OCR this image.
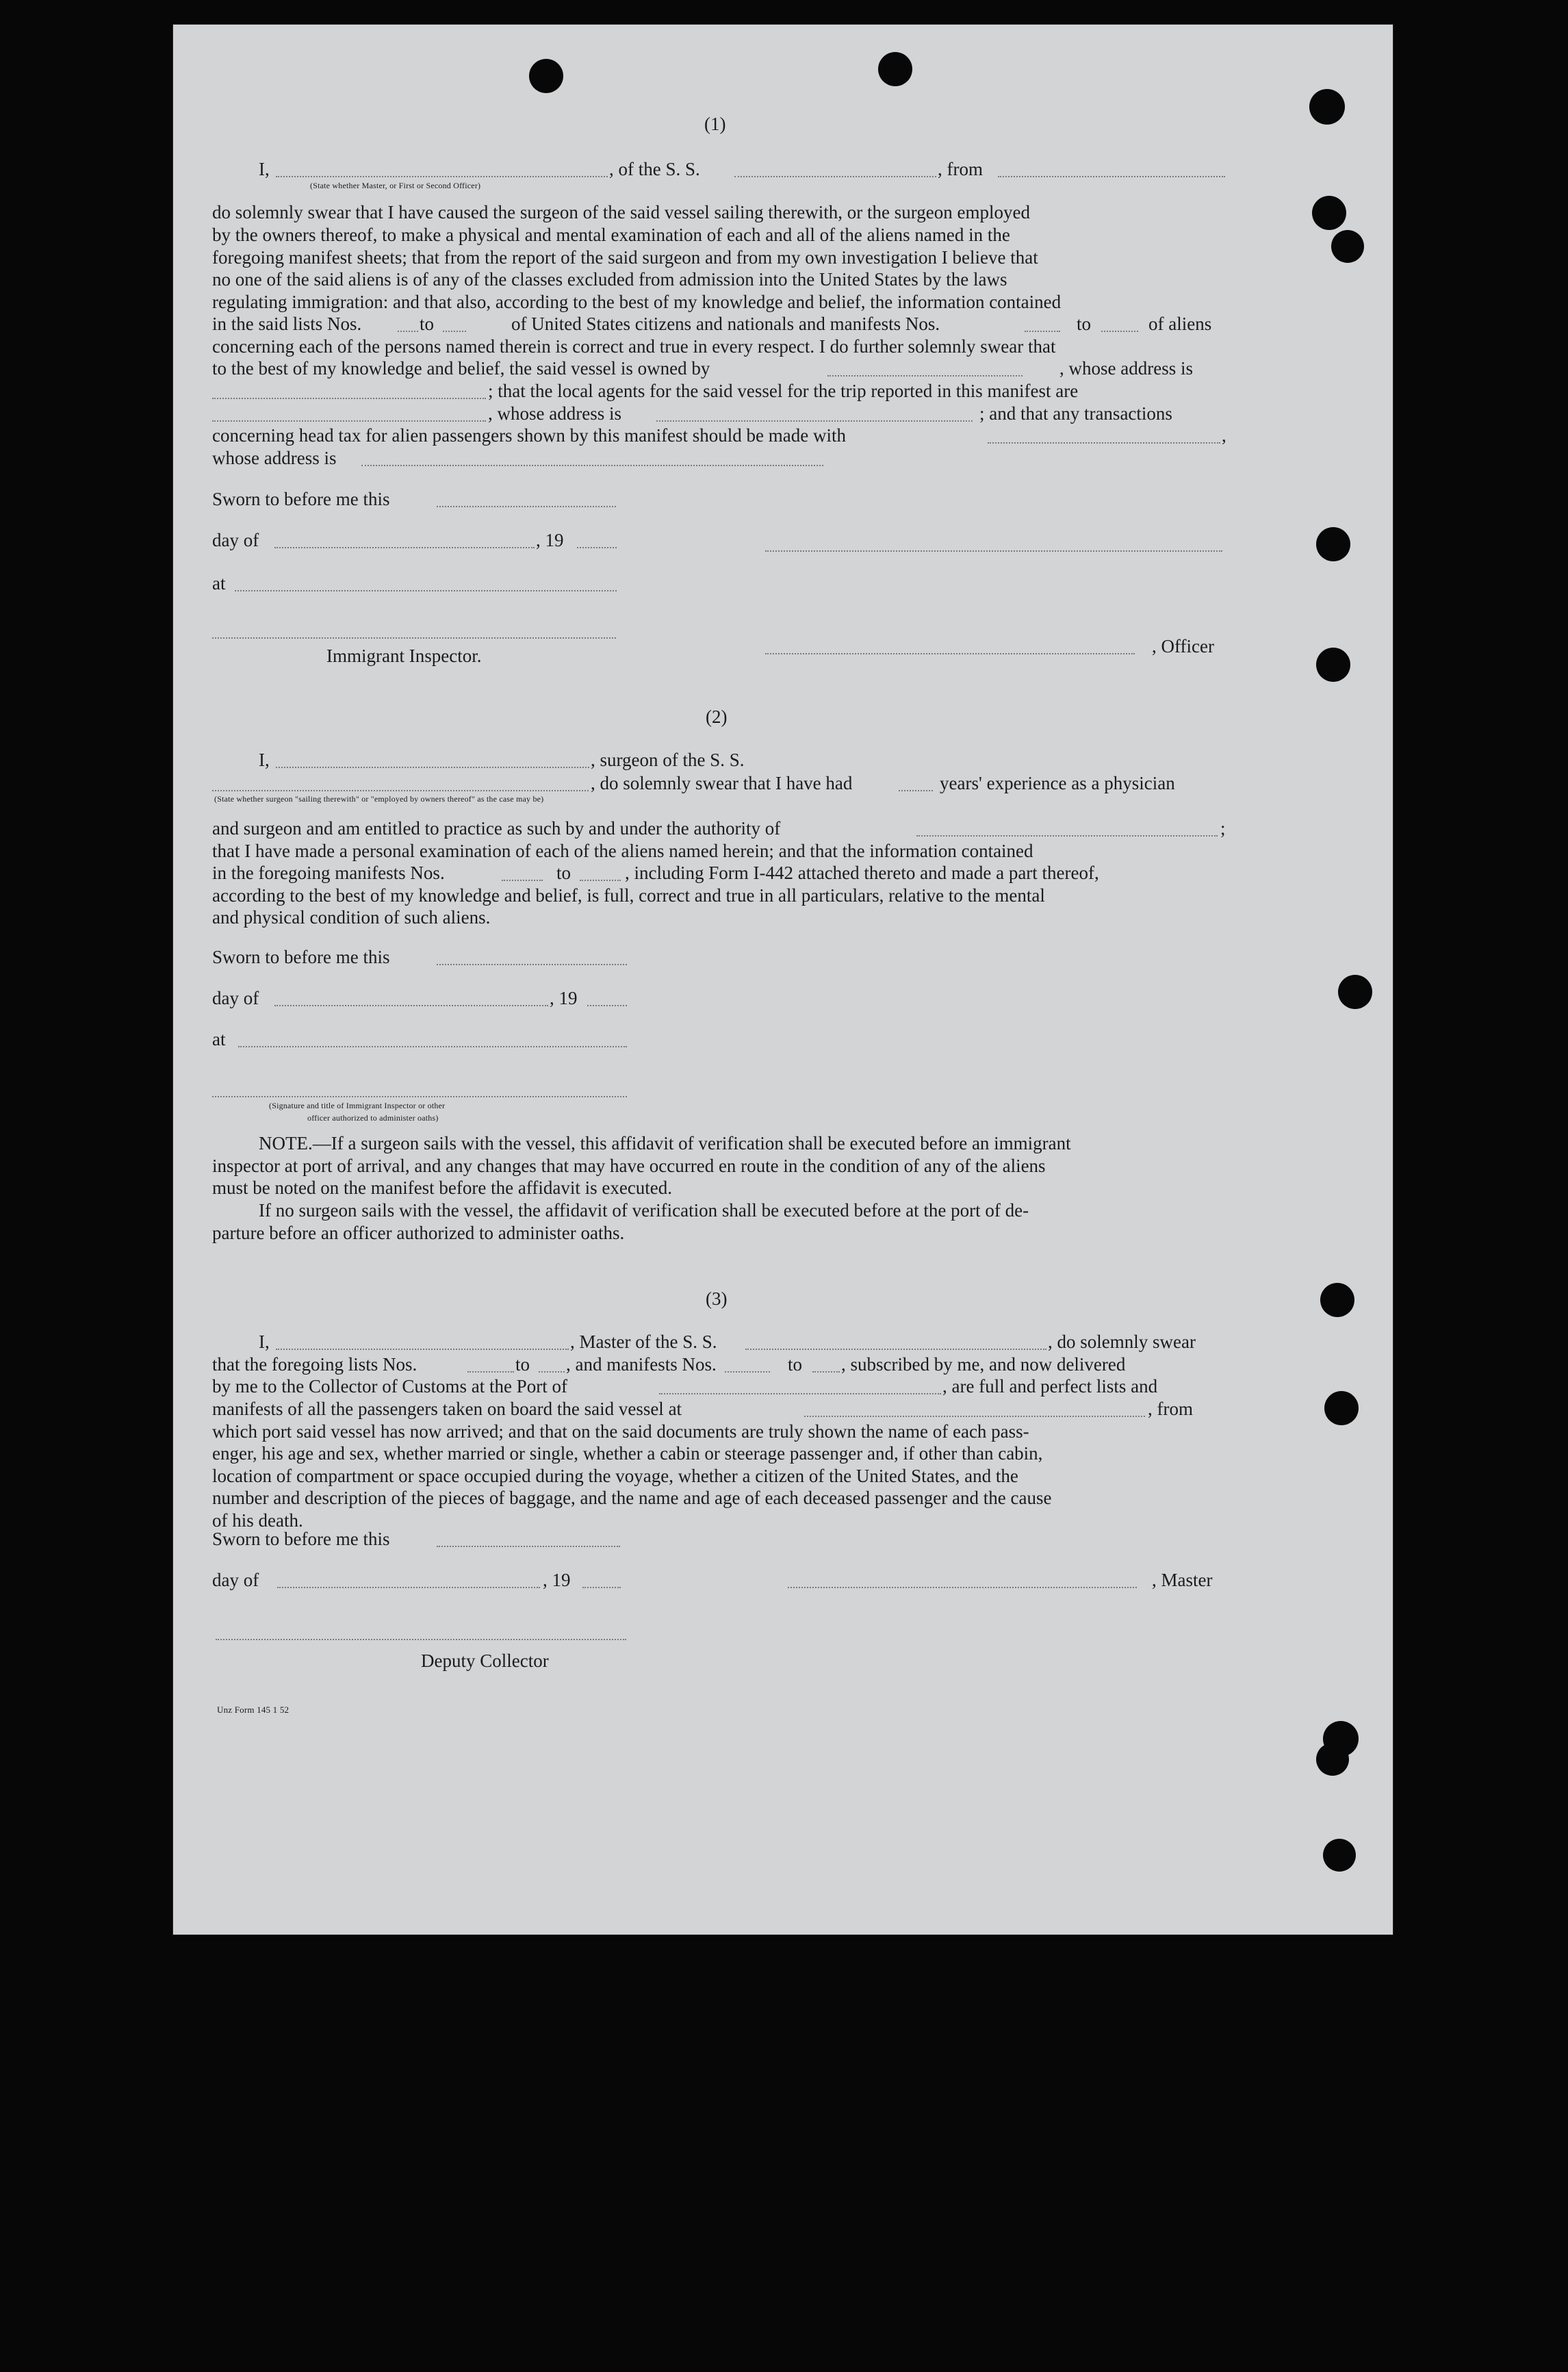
(1)
I,	, of the S. S.	, from
(State whether Master, or First or Second Officer)
do solemnly swear that I have caused the surgeon of the said vessel sailing therewith, or the surgeon employed
by the owners thereof, to make a physical and mental examination of each and all of the aliens named in the
foregoing manifest sheets; that from the report of the said surgeon and from my own investigation I believe that
no one of the said aliens is of any of the classes excluded from admission into the United States by the laws
regulating immigration: and that also, according to the best of my knowledge and belief, the information contained
in the said lists Nos.	to	of United States citizens and nationals and manifests Nos.	to	of aliens
concerning each of the persons named therein is correct and true in every respect. I do further solemnly swear that
to the best of my knowledge and belief, the said vessel is owned by	, whose address is
; that the local agents for the said vessel for the trip reported in this manifest are
, whose address is	; and that any transactions
concerning head tax for alien passengers shown by this manifest should be made with	,
whose address is
Sworn to before me this
day of	, 19
at
Immigrant Inspector.	, Officer
(2)
I,	, surgeon of the S. S.
, do solemnly swear that I have had	years' experience as a physician
(State whether surgeon "sailing therewith" or "employed by owners thereof" as the case may be)
and surgeon and am entitled to practice as such by and under the authority of	;
that I have made a personal examination of each of the aliens named herein; and that the information contained
in the foregoing manifests Nos.	to	, including Form I-442 attached thereto and made a part thereof,
according to the best of my knowledge and belief, is full, correct and true in all particulars, relative to the mental
and physical condition of such aliens.
Sworn to before me this
day of	, 19
at
(Signature and title of Immigrant Inspector or other
officer authorized to administer oaths)
NOTE.—If a surgeon sails with the vessel, this affidavit of verification shall be executed before an immigrant
inspector at port of arrival, and any changes that may have occurred en route in the condition of any of the aliens
must be noted on the manifest before the affidavit is executed.
If no surgeon sails with the vessel, the affidavit of verification shall be executed before at the port of de-
parture before an officer authorized to administer oaths.
(3)
I,	, Master of the S. S.	, do solemnly swear
that the foregoing lists Nos.	to , and manifests Nos.	to , subscribed by me, and now delivered
by me to the Collector of Customs at the Port of	, are full and perfect lists and
manifests of all the passengers taken on board the said vessel at	, from
which port said vessel has now arrived; and that on the said documents are truly shown the name of each pass-
enger, his age and sex, whether married or single, whether a cabin or steerage passenger and, if other than cabin,
location of compartment or space occupied during the voyage, whether a citizen of the United States, and the
number and description of the pieces of baggage, and the name and age of each deceased passenger and the cause
of his death.
Sworn to before me this
day of	, 19	, Master
Deputy Collector
Unz Form 145 1 52
